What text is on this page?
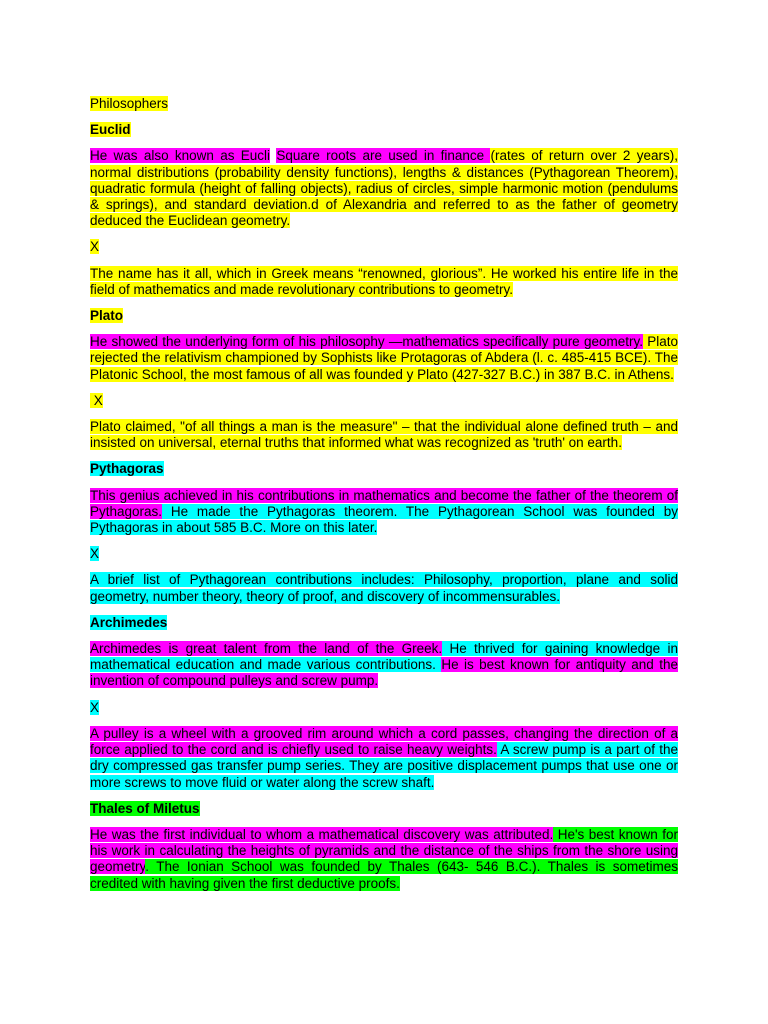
Philosophers

Euclid

He was also known as Eucli Square roots are used in finance (rates of return over 2 years), normal distributions (probability density functions), lengths & distances (Pythagorean Theorem), quadratic formula (height of falling objects), radius of circles, simple harmonic motion (pendulums & springs), and standard deviation.d of Alexandria and referred to as the father of geometry deduced the Euclidean geometry.

X

The name has it all, which in Greek means “renowned, glorious”. He worked his entire life in the field of mathematics and made revolutionary contributions to geometry.

Plato

He showed the underlying form of his philosophy —mathematics specifically pure geometry. Plato rejected the relativism championed by Sophists like Protagoras of Abdera (l. c. 485-415 BCE). The Platonic School, the most famous of all was founded y Plato (427-327 B.C.) in 387 B.C. in Athens.

X

Plato claimed, "of all things a man is the measure" – that the individual alone defined truth – and insisted on universal, eternal truths that informed what was recognized as 'truth' on earth.

Pythagoras

This genius achieved in his contributions in mathematics and become the father of the theorem of Pythagoras. He made the Pythagoras theorem. The Pythagorean School was founded by Pythagoras in about 585 B.C. More on this later.

X

A brief list of Pythagorean contributions includes: Philosophy, proportion, plane and solid geometry, number theory, theory of proof, and discovery of incommensurables.

Archimedes

Archimedes is great talent from the land of the Greek. He thrived for gaining knowledge in mathematical education and made various contributions. He is best known for antiquity and the invention of compound pulleys and screw pump.

X

A pulley is a wheel with a grooved rim around which a cord passes, changing the direction of a force applied to the cord and is chiefly used to raise heavy weights. A screw pump is a part of the dry compressed gas transfer pump series. They are positive displacement pumps that use one or more screws to move fluid or water along the screw shaft.

Thales of Miletus

He was the first individual to whom a mathematical discovery was attributed. He's best known for his work in calculating the heights of pyramids and the distance of the ships from the shore using geometry. The Ionian School was founded by Thales (643- 546 B.C.). Thales is sometimes credited with having given the first deductive proofs.
